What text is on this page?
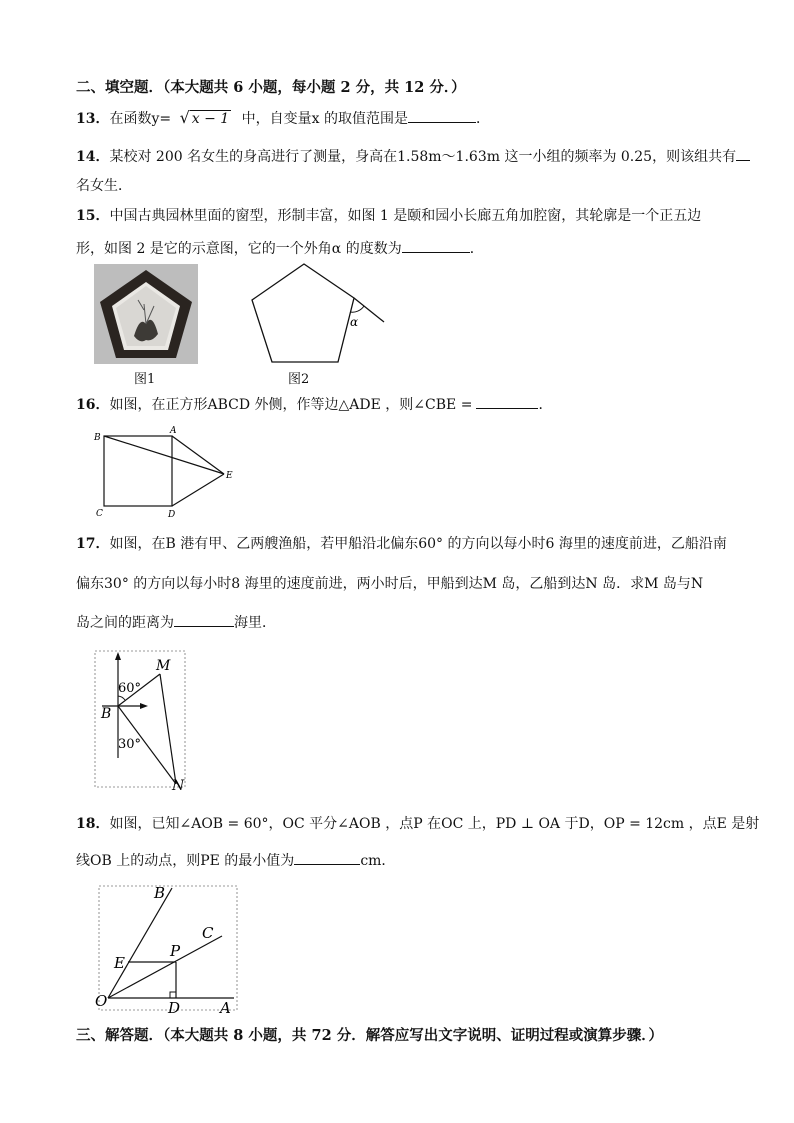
二、填空题．（本大题共 6 小题，每小题 2 分，共 12 分．）
13．在函数y= √ x − 1 中，自变量x 的取值范围是	．
14．某校对 200 名女生的身高进行了测量，身高在1.58m～1.63m 这一小组的频率为 0.25，则该组共有
名女生．
15．中国古典园林里面的窗型，形制丰富，如图 1 是颐和园小长廊五角加腔窗，其轮廓是一个正五边
形，如图 2 是它的示意图，它的一个外角α 的度数为	．
图1
α
图2
16．如图，在正方形ABCD 外侧，作等边△ADE ，则∠CBE =	．
B
A
E
C	D
17．如图，在B 港有甲、乙两艘渔船，若甲船沿北偏东60° 的方向以每小时6 海里的速度前进，乙船沿南
偏东30° 的方向以每小时8 海里的速度前进，两小时后，甲船到达M 岛，乙船到达N 岛．求M 岛与N
岛之间的距离为	海里．
60°
30°
M
B
N
18．如图，已知∠AOB = 60°，OC 平分∠AOB ，点P 在OC 上，PD ⊥ OA 于D，OP = 12cm ，点E 是射
线OB 上的动点，则PE 的最小值为	cm．
B
C
P
E
O	D	A
三、解答题．（本大题共 8 小题，共 72 分．解答应写出文字说明、证明过程或演算步骤．）
